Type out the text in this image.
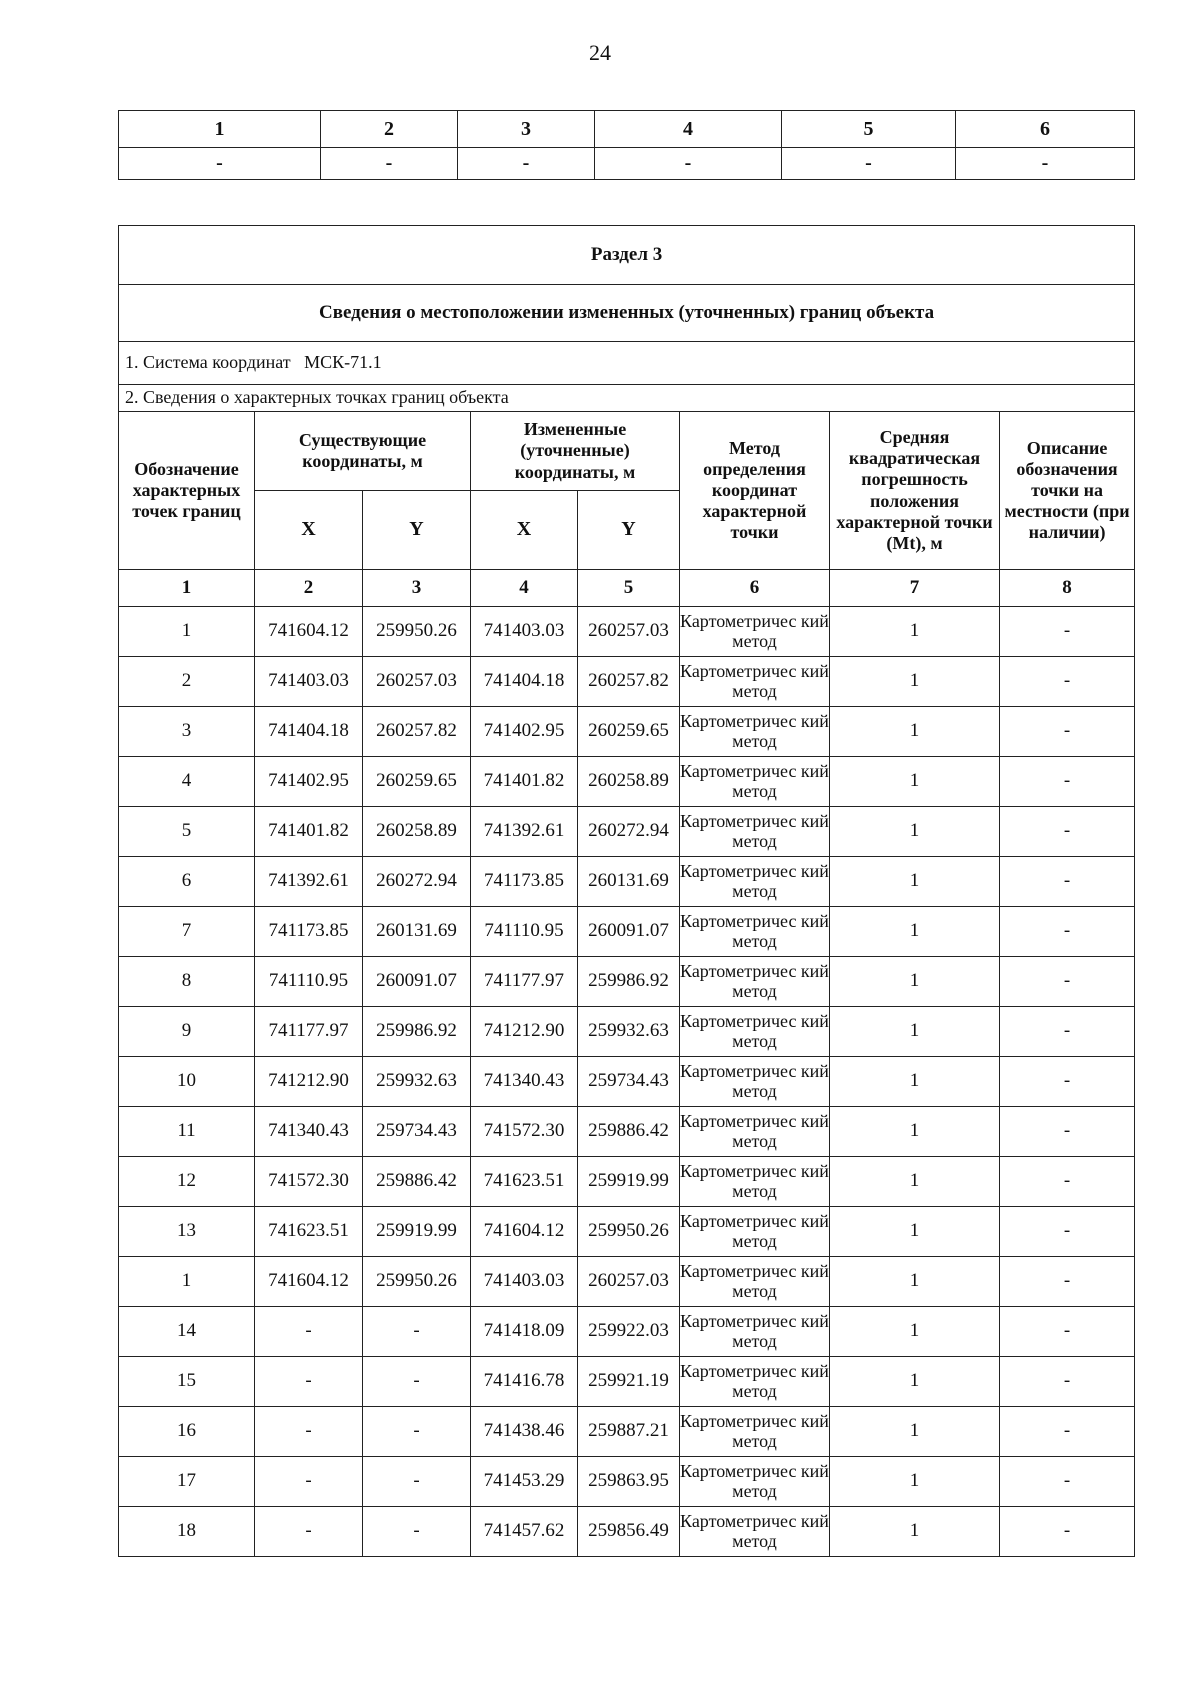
24
1	2	3	4	5	6
-	-	-	-	-	-
Раздел 3							
Сведения о местоположении измененных (уточненных) границ объекта							
1. Система координат   МСК-71.1							
2. Сведения о характерных точках границ объекта							
Обозначение характерных точек границ	Существующие координаты, м		Измененные (уточненные) координаты, м		Метод определения координат характерной точки	Средняя квадратическая погрешность положения характерной точки (Mt), м	Описание обозначения точки на местности (при наличии)
	X	Y	X	Y			
1	2	3	4	5	6	7	8
1	741604.12	259950.26	741403.03	260257.03	Картометричес кий метод	1	-
2	741403.03	260257.03	741404.18	260257.82	Картометричес кий метод	1	-
3	741404.18	260257.82	741402.95	260259.65	Картометричес кий метод	1	-
4	741402.95	260259.65	741401.82	260258.89	Картометричес кий метод	1	-
5	741401.82	260258.89	741392.61	260272.94	Картометричес кий метод	1	-
6	741392.61	260272.94	741173.85	260131.69	Картометричес кий метод	1	-
7	741173.85	260131.69	741110.95	260091.07	Картометричес кий метод	1	-
8	741110.95	260091.07	741177.97	259986.92	Картометричес кий метод	1	-
9	741177.97	259986.92	741212.90	259932.63	Картометричес кий метод	1	-
10	741212.90	259932.63	741340.43	259734.43	Картометричес кий метод	1	-
11	741340.43	259734.43	741572.30	259886.42	Картометричес кий метод	1	-
12	741572.30	259886.42	741623.51	259919.99	Картометричес кий метод	1	-
13	741623.51	259919.99	741604.12	259950.26	Картометричес кий метод	1	-
1	741604.12	259950.26	741403.03	260257.03	Картометричес кий метод	1	-
14	-	-	741418.09	259922.03	Картометричес кий метод	1	-
15	-	-	741416.78	259921.19	Картометричес кий метод	1	-
16	-	-	741438.46	259887.21	Картометричес кий метод	1	-
17	-	-	741453.29	259863.95	Картометричес кий метод	1	-
18	-	-	741457.62	259856.49	Картометричес кий метод	1	-
